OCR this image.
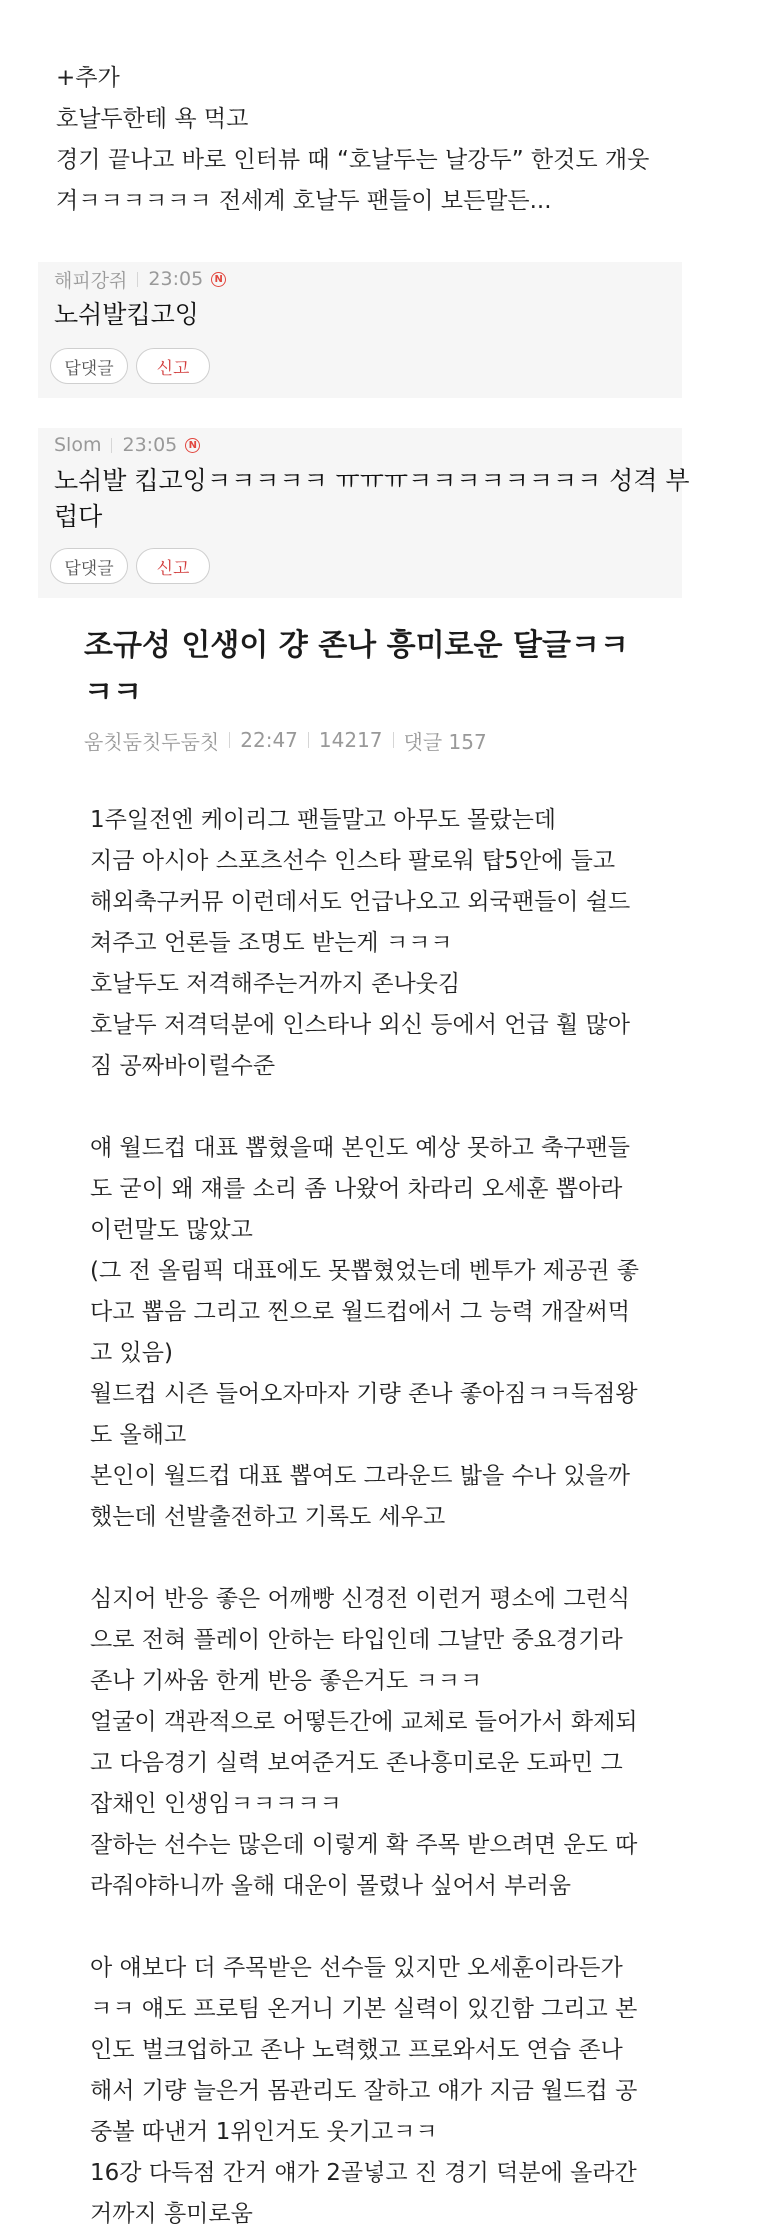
+추가
호날두한테 욕 먹고
경기 끝나고 바로 인터뷰 때 “호날두는 날강두” 한것도 개웃
겨ㅋㅋㅋㅋㅋㅋ 전세계 호날두 팬들이 보든말든...
해피강쥐 23:05	N
노쉬발킵고잉
답댓글	신고
Slom 23:05	N
노쉬발 킵고잉ㅋㅋㅋㅋㅋ ㅠㅠㅠㅋㅋㅋㅋㅋㅋㅋㅋ 성격 부
럽다
답댓글	신고
조규성 인생이 걍 존나 흥미로운 달글ㅋㅋ
ㅋㅋ
움칫둠칫두둠칫 22:47 14217 댓글 157
1주일전엔 케이리그 팬들말고 아무도 몰랐는데
지금 아시아 스포츠선수 인스타 팔로워 탑5안에 들고
해외축구커뮤 이런데서도 언급나오고 외국팬들이 쉴드
쳐주고 언론들 조명도 받는게 ㅋㅋㅋ
호날두도 저격해주는거까지 존나웃김
호날두 저격덕분에 인스타나 외신 등에서 언급 훨 많아
짐 공짜바이럴수준
얘 월드컵 대표 뽑혔을때 본인도 예상 못하고 축구팬들
도 굳이 왜 쟤를 소리 좀 나왔어 차라리 오세훈 뽑아라
이런말도 많았고
(그 전 올림픽 대표에도 못뽑혔었는데 벤투가 제공권 좋
다고 뽑음 그리고 찐으로 월드컵에서 그 능력 개잘써먹
고 있음)
월드컵 시즌 들어오자마자 기량 존나 좋아짐ㅋㅋ득점왕
도 올해고
본인이 월드컵 대표 뽑여도 그라운드 밟을 수나 있을까
했는데 선발출전하고 기록도 세우고
심지어 반응 좋은 어깨빵 신경전 이런거 평소에 그런식
으로 전혀 플레이 안하는 타입인데 그날만 중요경기라
존나 기싸움 한게 반응 좋은거도 ㅋㅋㅋ
얼굴이 객관적으로 어떻든간에 교체로 들어가서 화제되
고 다음경기 실력 보여준거도 존나흥미로운 도파민 그
잡채인 인생임ㅋㅋㅋㅋㅋ
잘하는 선수는 많은데 이렇게 확 주목 받으려면 운도 따
라줘야하니까 올해 대운이 몰렸나 싶어서 부러움
아 얘보다 더 주목받은 선수들 있지만 오세훈이라든가
ㅋㅋ 얘도 프로팀 온거니 기본 실력이 있긴함 그리고 본
인도 벌크업하고 존나 노력했고 프로와서도 연습 존나
해서 기량 늘은거 몸관리도 잘하고 얘가 지금 월드컵 공
중볼 따낸거 1위인거도 웃기고ㅋㅋ
16강 다득점 간거 얘가 2골넣고 진 경기 덕분에 올라간
거까지 흥미로움
